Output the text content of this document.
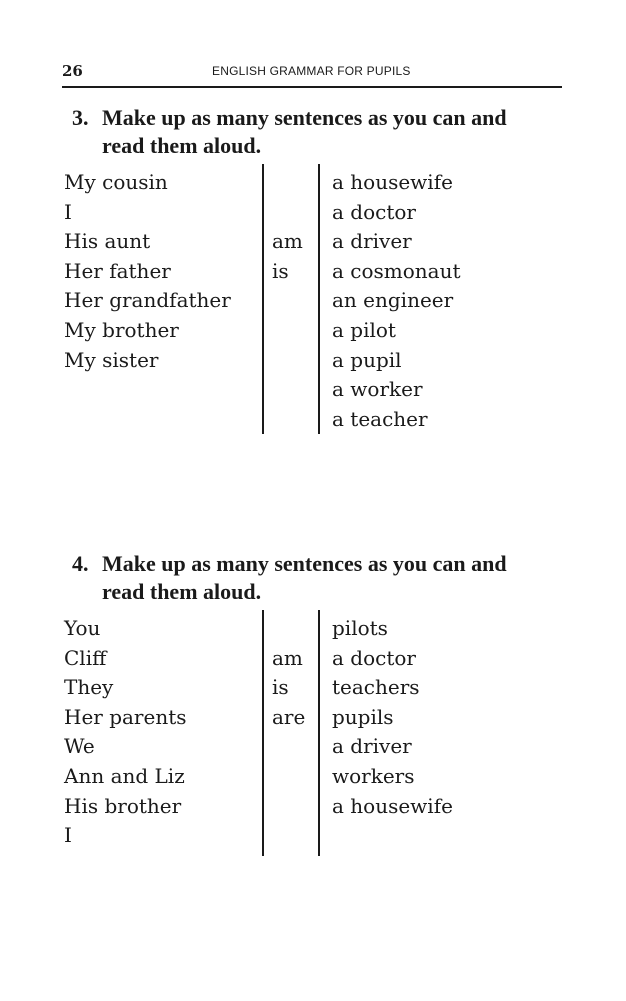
26	ENGLISH GRAMMAR FOR PUPILS
3. Make up as many sentences as you can and
read them aloud.
My cousin
I
His aunt
Her father
Her grandfather
My brother
My sister
am
is
a housewife
a doctor
a driver
a cosmonaut
an engineer
a pilot
a pupil
a worker
a teacher
4. Make up as many sentences as you can and
read them aloud.
You
Cliff
They
Her parents
We
Ann and Liz
His brother
I
am
is
are
pilots
a doctor
teachers
pupils
a driver
workers
a housewife
